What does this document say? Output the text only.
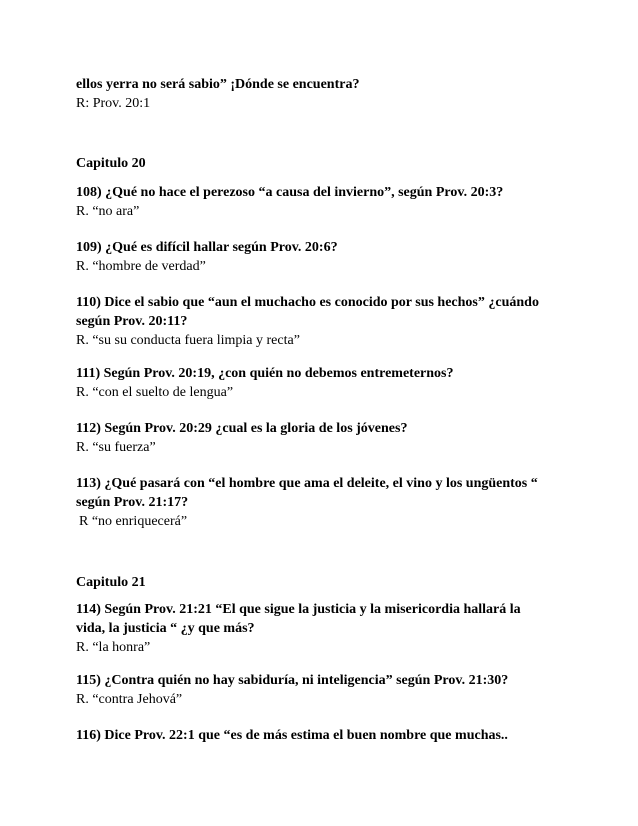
ellos yerra no será sabio” ¡Dónde se encuentra?
R: Prov. 20:1
Capitulo 20
108) ¿Qué no hace el perezoso “a causa del invierno”, según Prov. 20:3?
R. “no ara”
109) ¿Qué es difícil hallar según Prov. 20:6?
R. “hombre de verdad”
110) Dice el sabio que “aun el muchacho es conocido por sus hechos” ¿cuándo
según Prov. 20:11?
R. “su su conducta fuera limpia y recta”
111) Según Prov. 20:19, ¿con quién no debemos entremeternos?
R. “con el suelto de lengua”
112) Según Prov. 20:29 ¿cual es la gloria de los jóvenes?
R. “su fuerza”
113) ¿Qué pasará con “el hombre que ama el deleite, el vino y los ungüentos “
según Prov. 21:17?
R “no enriquecerá”
Capitulo 21
114) Según Prov. 21:21 “El que sigue la justicia y la misericordia hallará la
vida, la justicia “ ¿y que más?
R. “la honra”
115) ¿Contra quién no hay sabiduría, ni inteligencia” según Prov. 21:30?
R. “contra Jehová”
116) Dice Prov. 22:1 que “es de más estima el buen nombre que muchas..
